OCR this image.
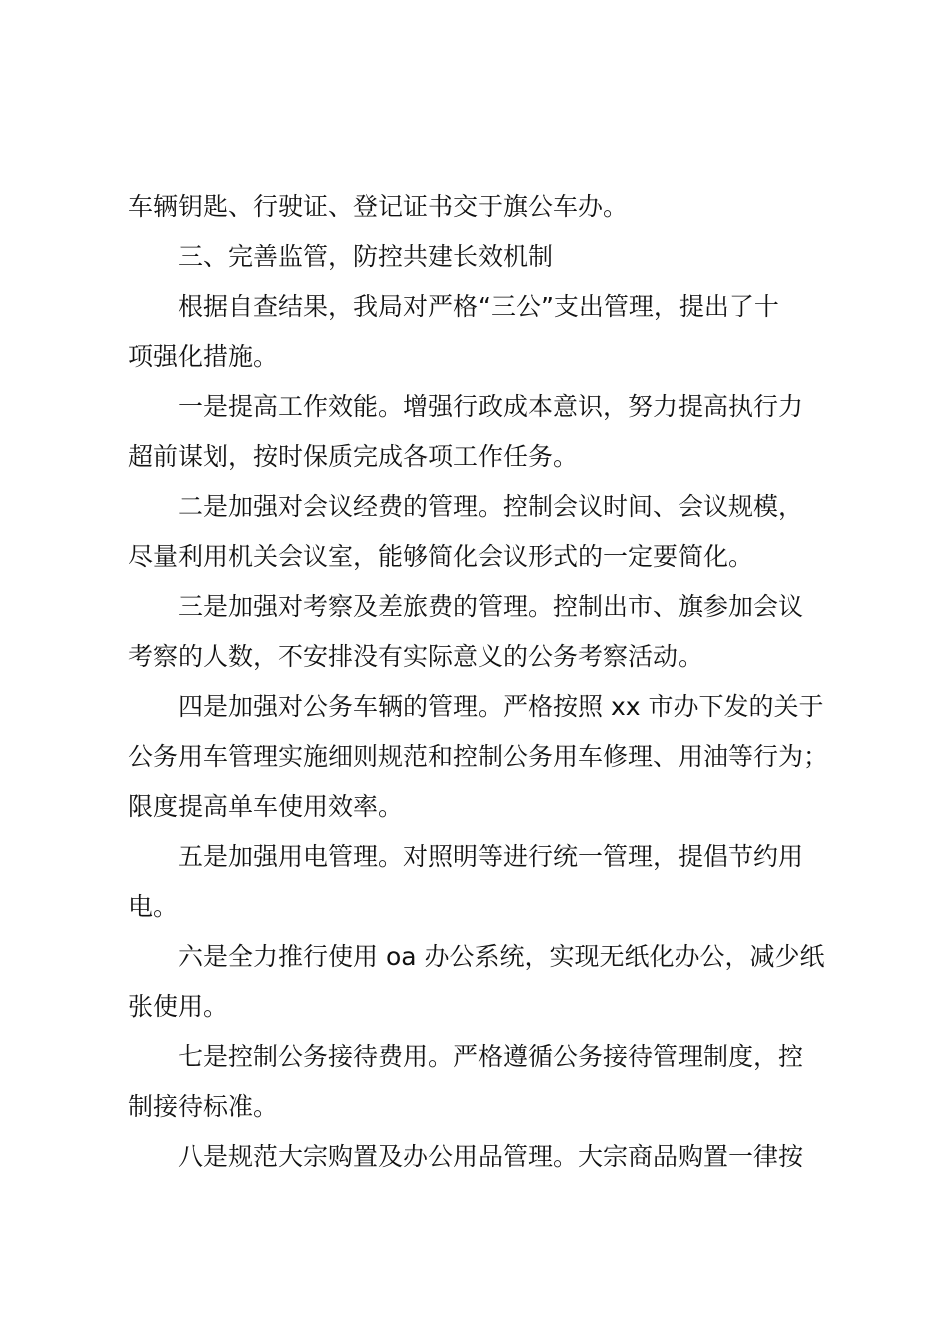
车辆钥匙、行驶证、登记证书交于旗公车办。
三、完善监管，防控共建长效机制
根据自查结果，我局对严格“三公”支出管理，提出了十
项强化措施。
一是提高工作效能。增强行政成本意识，努力提高执行力
超前谋划，按时保质完成各项工作任务。
二是加强对会议经费的管理。控制会议时间、会议规模，
尽量利用机关会议室，能够简化会议形式的一定要简化。
三是加强对考察及差旅费的管理。控制出市、旗参加会议
考察的人数，不安排没有实际意义的公务考察活动。
四是加强对公务车辆的管理。严格按照 xx 市办下发的关于
公务用车管理实施细则规范和控制公务用车修理、用油等行为；
限度提高单车使用效率。
五是加强用电管理。对照明等进行统一管理，提倡节约用
电。
六是全力推行使用 oa 办公系统，实现无纸化办公，减少纸
张使用。
七是控制公务接待费用。严格遵循公务接待管理制度，控
制接待标准。
八是规范大宗购置及办公用品管理。大宗商品购置一律按
